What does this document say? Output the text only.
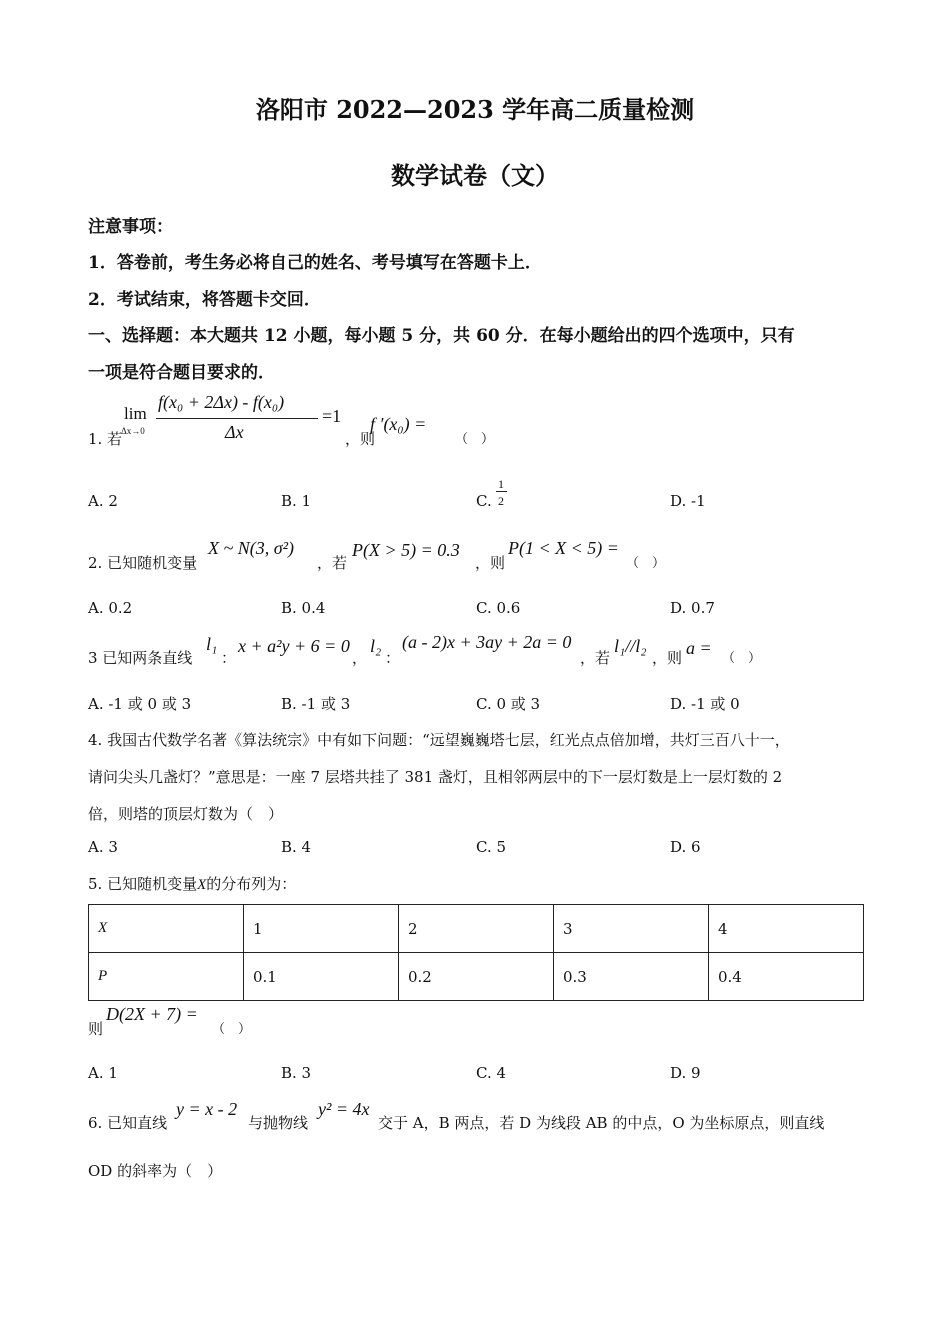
洛阳市 2022—2023 学年高二质量检测
数学试卷（文）
注意事项：
1．答卷前，考生务必将自己的姓名、考号填写在答题卡上．
2．考试结束，将答题卡交回．
一、选择题：本大题共 12 小题，每小题 5 分，共 60 分．在每小题给出的四个选项中，只有
一项是符合题目要求的．
1. 若
lim
Δx→0
f(x₀ + 2Δx) - f(x₀)
Δx
=1
，则
f ′(x₀) =
（　）
A. 2	B. 1	C.
1
2	D. -1
2. 已知随机变量
X ~ N(3, σ²)
，若
P(X > 5) = 0.3
，则
P(1 < X < 5) =
（　）
A. 0.2	B. 0.4	C. 0.6	D. 0.7
3 已知两条直线
l₁
：
x + a²y + 6 = 0
，
l₂
：
(a - 2)x + 3ay + 2a = 0
，若
l₁//l₂
，则 a =
（　）
A. -1 或 0 或 3	B. -1 或 3	C. 0 或 3	D. -1 或 0
4. 我国古代数学名著《算法统宗》中有如下问题：“远望巍巍塔七层，红光点点倍加增，共灯三百八十一，
请问尖头几盏灯？”意思是：一座 7 层塔共挂了 381 盏灯，且相邻两层中的下一层灯数是上一层灯数的 2
倍，则塔的顶层灯数为（　）
A. 3	B. 4	C. 5	D. 6
5. 已知随机变量X的分布列为：
X	1	2	3	4
P	0.1	0.2	0.3	0.4
则
D(2X + 7) =
（　）
A. 1	B. 3	C. 4	D. 9
6. 已知直线
y = x - 2
与抛物线
y² = 4x
交于 A，B 两点，若 D 为线段 AB 的中点，O 为坐标原点，则直线
OD 的斜率为（　）
